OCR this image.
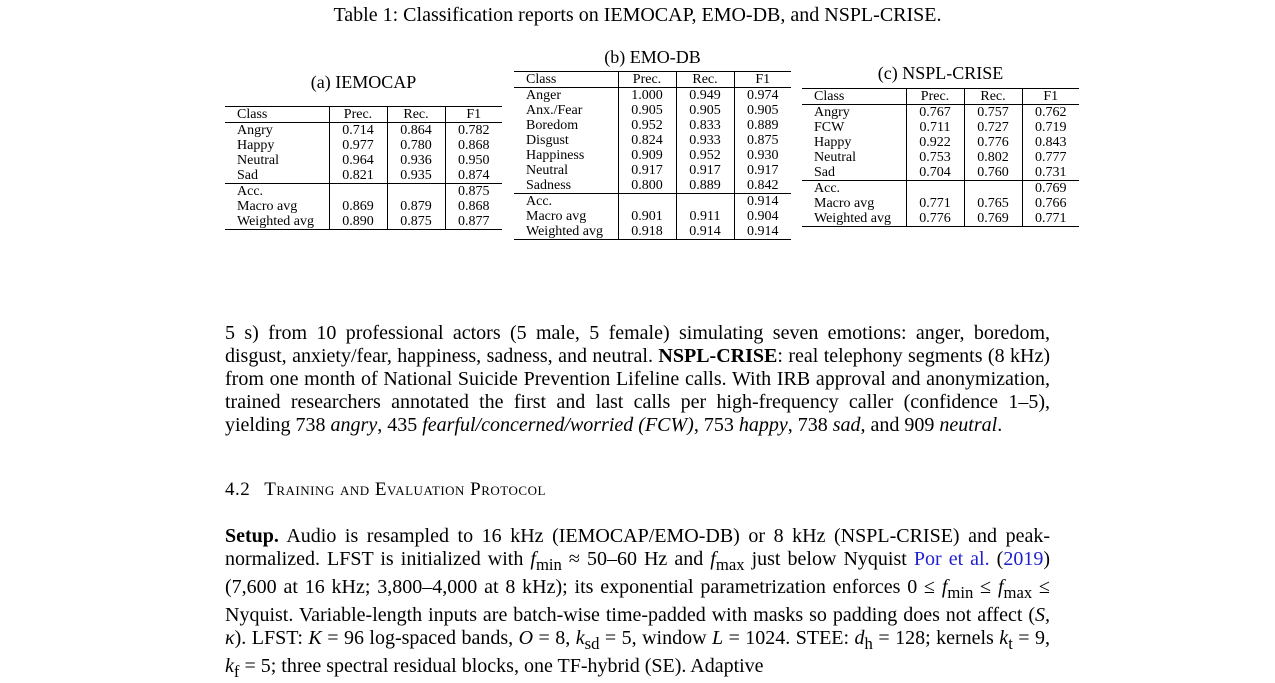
Table 1: Classification reports on IEMOCAP, EMO-DB, and NSPL-CRISE.
(a) IEMOCAP
Class	Prec.	Rec.	F1
Angry	0.714	0.864	0.782
Happy	0.977	0.780	0.868
Neutral	0.964	0.936	0.950
Sad	0.821	0.935	0.874
Acc.			0.875
Macro avg	0.869	0.879	0.868
Weighted avg	0.890	0.875	0.877
(b) EMO-DB
Class	Prec.	Rec.	F1
Anger	1.000	0.949	0.974
Anx./Fear	0.905	0.905	0.905
Boredom	0.952	0.833	0.889
Disgust	0.824	0.933	0.875
Happiness	0.909	0.952	0.930
Neutral	0.917	0.917	0.917
Sadness	0.800	0.889	0.842
Acc.			0.914
Macro avg	0.901	0.911	0.904
Weighted avg	0.918	0.914	0.914
(c) NSPL-CRISE
Class	Prec.	Rec.	F1
Angry	0.767	0.757	0.762
FCW	0.711	0.727	0.719
Happy	0.922	0.776	0.843
Neutral	0.753	0.802	0.777
Sad	0.704	0.760	0.731
Acc.			0.769
Macro avg	0.771	0.765	0.766
Weighted avg	0.776	0.769	0.771

5 s) from 10 professional actors (5 male, 5 female) simulating seven emotions: anger, boredom, disgust, anxiety/fear, happiness, sadness, and neutral. NSPL-CRISE: real telephony segments (8 kHz) from one month of National Suicide Prevention Lifeline calls. With IRB approval and anonymization, trained researchers annotated the first and last calls per high-frequency caller (confidence 1–5), yielding 738 angry, 435 fearful/concerned/worried (FCW), 753 happy, 738 sad, and 909 neutral.

4.2 Training and Evaluation Protocol

Setup. Audio is resampled to 16 kHz (IEMOCAP/EMO-DB) or 8 kHz (NSPL-CRISE) and peak-normalized. LFST is initialized with $f_{min} \approx 50-60$ Hz and $f_{max}$ just below Nyquist Por et al. (2019) (7,600 at 16 kHz; 3,800–4,000 at 8 kHz); its exponential parametrization enforces $0 \le f_{min} \le f_{max}$ ≤ Nyquist. Variable-length inputs are batch-wise time-padded with masks so padding does not affect (S, κ). LFST: K = 96 log-spaced bands, O = 8, $k_{sd} = 5$, window L = 1024. STEE: $d_h = 128$; kernels $k_t = 9$, $k_f = 5$; three spectral residual blocks, one TF-hybrid (SE). Adaptive
